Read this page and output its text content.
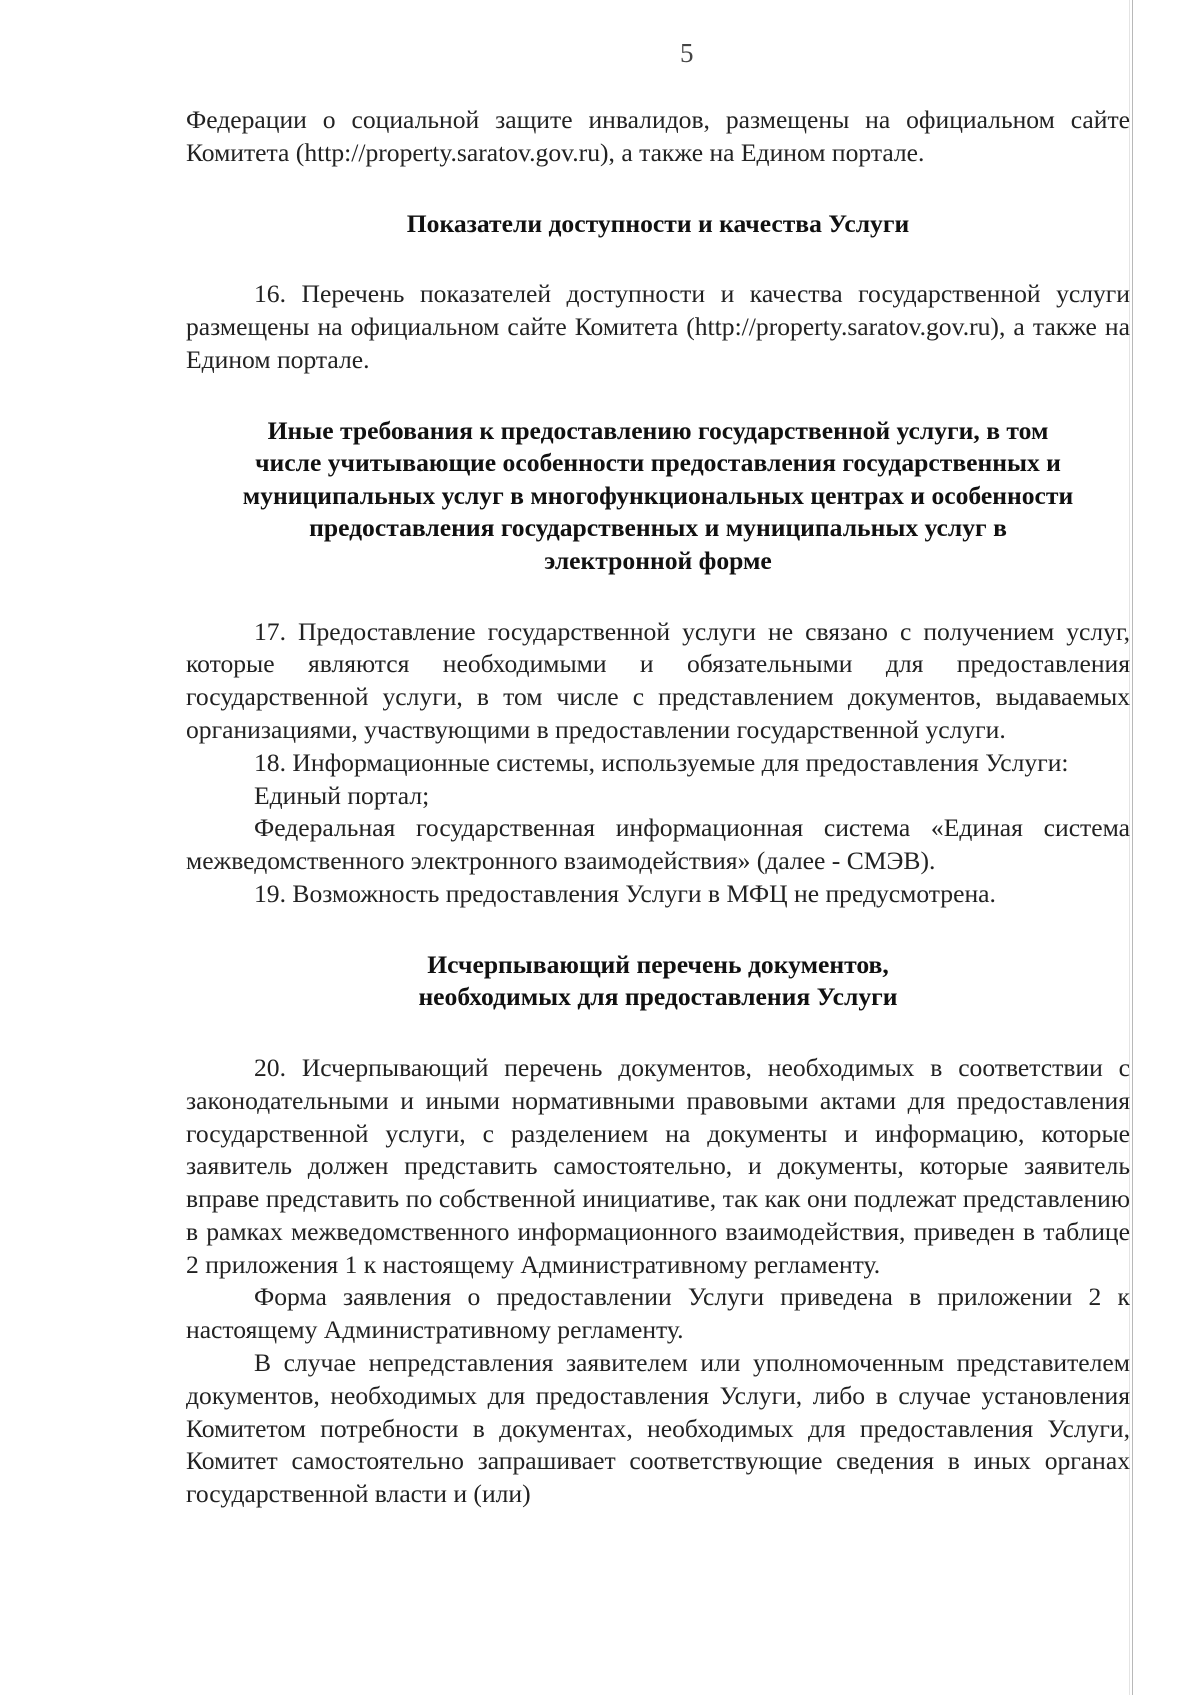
5

Федерации о социальной защите инвалидов, размещены на официальном сайте Комитета (http://property.saratov.gov.ru), а также на Едином портале.

Показатели доступности и качества Услуги

16. Перечень показателей доступности и качества государственной услуги размещены на официальном сайте Комитета (http://property.saratov.gov.ru), а также на Едином портале.

Иные требования к предоставлению государственной услуги, в том
числе учитывающие особенности предоставления государственных и
муниципальных услуг в многофункциональных центрах и особенности
предоставления государственных и муниципальных услуг в
электронной форме

17. Предоставление государственной услуги не связано с получением услуг, которые являются необходимыми и обязательными для предоставления государственной услуги, в том числе с представлением документов, выдаваемых организациями, участвующими в предоставлении государственной услуги.

18. Информационные системы, используемые для предоставления Услуги:

Единый портал;

Федеральная государственная информационная система «Единая система межведомственного электронного взаимодействия» (далее - СМЭВ).

19. Возможность предоставления Услуги в МФЦ не предусмотрена.

Исчерпывающий перечень документов,
необходимых для предоставления Услуги

20. Исчерпывающий перечень документов, необходимых в соответствии с законодательными и иными нормативными правовыми актами для предоставления государственной услуги, с разделением на документы и информацию, которые заявитель должен представить самостоятельно, и документы, которые заявитель вправе представить по собственной инициативе, так как они подлежат представлению в рамках межведомственного информационного взаимодействия, приведен в таблице 2 приложения 1 к настоящему Административному регламенту.

Форма заявления о предоставлении Услуги приведена в приложении 2 к настоящему Административному регламенту.

В случае непредставления заявителем или уполномоченным представителем документов, необходимых для предоставления Услуги, либо в случае установления Комитетом потребности в документах, необходимых для предоставления Услуги, Комитет самостоятельно запрашивает соответствующие сведения в иных органах государственной власти и (или)
